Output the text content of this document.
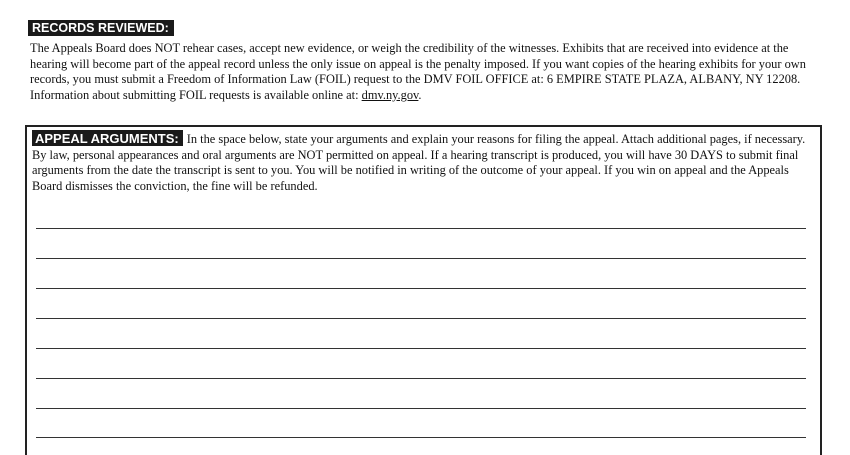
RECORDS REVIEWED:

The Appeals Board does NOT rehear cases, accept new evidence, or weigh the credibility of the witnesses. Exhibits that are received into evidence at the hearing will become part of the appeal record unless the only issue on appeal is the penalty imposed. If you want copies of the hearing exhibits for your own records, you must submit a Freedom of Information Law (FOIL) request to the DMV FOIL OFFICE at: 6 EMPIRE STATE PLAZA, ALBANY, NY 12208. Information about submitting FOIL requests is available online at: dmv.ny.gov.

APPEAL ARGUMENTS: In the space below, state your arguments and explain your reasons for filing the appeal. Attach additional pages, if necessary. By law, personal appearances and oral arguments are NOT permitted on appeal. If a hearing transcript is produced, you will have 30 DAYS to submit final arguments from the date the transcript is sent to you. You will be notified in writing of the outcome of your appeal. If you win on appeal and the Appeals Board dismisses the conviction, the fine will be refunded.
